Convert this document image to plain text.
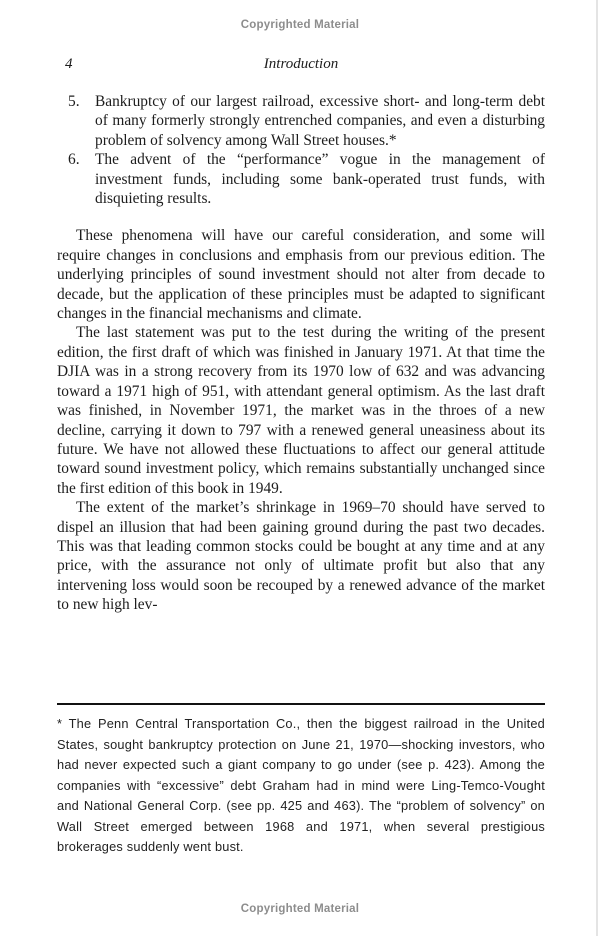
Copyrighted Material
4	Introduction
5.	Bankruptcy of our largest railroad, excessive short- and long-term debt of many formerly strongly entrenched companies, and even a disturbing problem of solvency among Wall Street houses.*
6.	The advent of the “performance” vogue in the management of investment funds, including some bank-operated trust funds, with disquieting results.

These phenomena will have our careful consideration, and some will require changes in conclusions and emphasis from our previous edition. The underlying principles of sound investment should not alter from decade to decade, but the application of these principles must be adapted to significant changes in the financial mechanisms and climate.

The last statement was put to the test during the writing of the present edition, the first draft of which was finished in January 1971. At that time the DJIA was in a strong recovery from its 1970 low of 632 and was advancing toward a 1971 high of 951, with attendant general optimism. As the last draft was finished, in November 1971, the market was in the throes of a new decline, carrying it down to 797 with a renewed general uneasiness about its future. We have not allowed these fluctuations to affect our general attitude toward sound investment policy, which remains substantially unchanged since the first edition of this book in 1949.

The extent of the market’s shrinkage in 1969–70 should have served to dispel an illusion that had been gaining ground during the past two decades. This was that leading common stocks could be bought at any time and at any price, with the assurance not only of ultimate profit but also that any intervening loss would soon be recouped by a renewed advance of the market to new high lev-

* The Penn Central Transportation Co., then the biggest railroad in the United States, sought bankruptcy protection on June 21, 1970—shocking investors, who had never expected such a giant company to go under (see p. 423). Among the companies with “excessive” debt Graham had in mind were Ling-Temco-Vought and National General Corp. (see pp. 425 and 463). The “problem of solvency” on Wall Street emerged between 1968 and 1971, when several prestigious brokerages suddenly went bust.
Copyrighted Material
